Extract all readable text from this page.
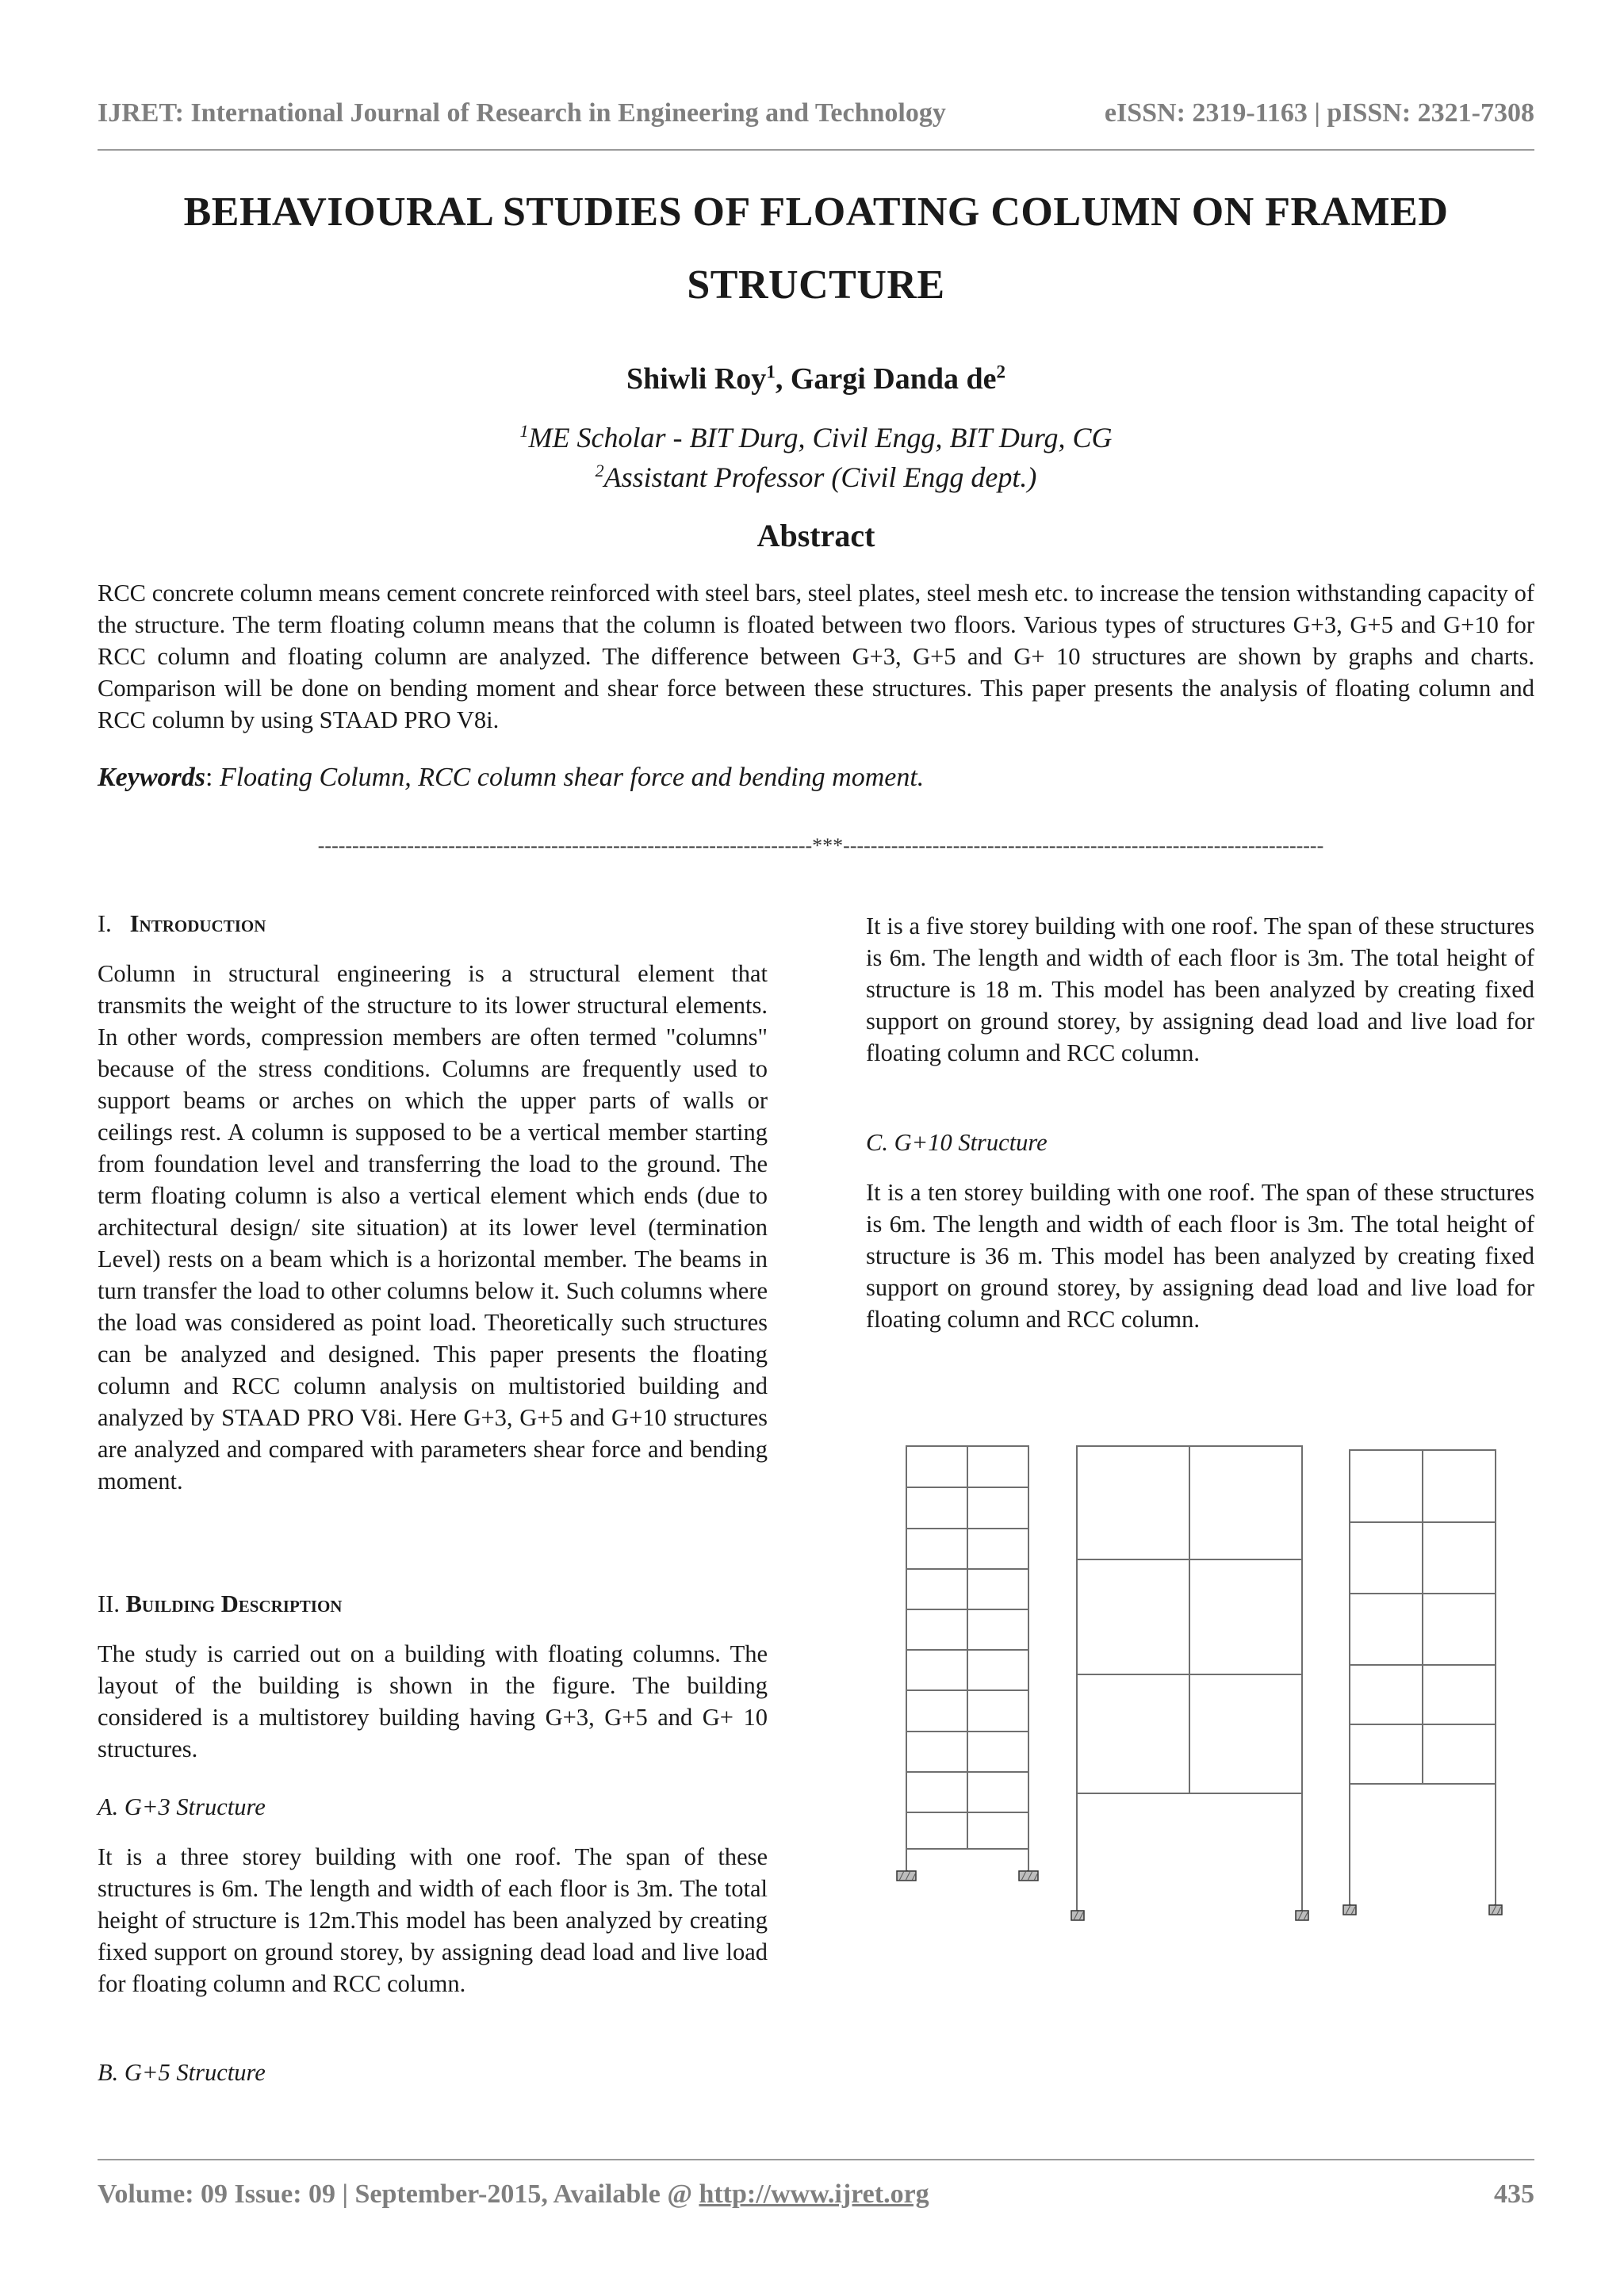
IJRET: International Journal of Research in Engineering and Technology	eISSN: 2319-1163 | pISSN: 2321-7308
BEHAVIOURAL STUDIES OF FLOATING COLUMN ON FRAMED
STRUCTURE
Shiwli Roy$^1$, Gargi Danda $de^2$
$^1$ME Scholar - BIT Durg, Civil Engg, BIT Durg, CG
$^2$Assistant Professor (Civil Engg dept.)
Abstract
RCC concrete column means cement concrete reinforced with steel bars, steel plates, steel mesh etc. to increase the tension withstanding capacity of the structure. The term floating column means that the column is floated between two floors. Various types of structures G+3, G+5 and G+10 for RCC column and floating column are analyzed. The difference between G+3, G+5 and G+ 10 structures are shown by graphs and charts. Comparison will be done on bending moment and shear force between these structures. This paper presents the analysis of floating column and RCC column by using STAAD PRO V8i.
Keywords: Floating Column, RCC column shear force and bending moment.
------------------------------------------------------------------------***----------------------------------------------------------------------
I. Introduction
Column in structural engineering is a structural element that transmits the weight of the structure to its lower structural elements. In other words, compression members are often termed "columns" because of the stress conditions. Columns are frequently used to support beams or arches on which the upper parts of walls or ceilings rest. A column is supposed to be a vertical member starting from foundation level and transferring the load to the ground. The term floating column is also a vertical element which ends (due to architectural design/ site situation) at its lower level (termination Level) rests on a beam which is a horizontal member. The beams in turn transfer the load to other columns below it. Such columns where the load was considered as point load. Theoretically such structures can be analyzed and designed. This paper presents the floating column and RCC column analysis on multistoried building and analyzed by STAAD PRO V8i. Here G+3, G+5 and G+10 structures are analyzed and compared with parameters shear force and bending moment.
II. Building Description
The study is carried out on a building with floating columns. The layout of the building is shown in the figure. The building considered is a multistorey building having G+3, G+5 and G+ 10 structures.
A. G+3 Structure
It is a three storey building with one roof. The span of these structures is 6m. The length and width of each floor is 3m. The total height of structure is 12m.This model has been analyzed by creating fixed support on ground storey, by assigning dead load and live load for floating column and RCC column.
B. G+5 Structure
It is a five storey building with one roof. The span of these structures is 6m. The length and width of each floor is 3m. The total height of structure is 18 m. This model has been analyzed by creating fixed support on ground storey, by assigning dead load and live load for floating column and RCC column.
C. G+10 Structure
It is a ten storey building with one roof. The span of these structures is 6m. The length and width of each floor is 3m. The total height of structure is 36 m. This model has been analyzed by creating fixed support on ground storey, by assigning dead load and live load for floating column and RCC column.
Volume: 09 Issue: 09 | September-2015, Available @ http://www.ijret.org	435
